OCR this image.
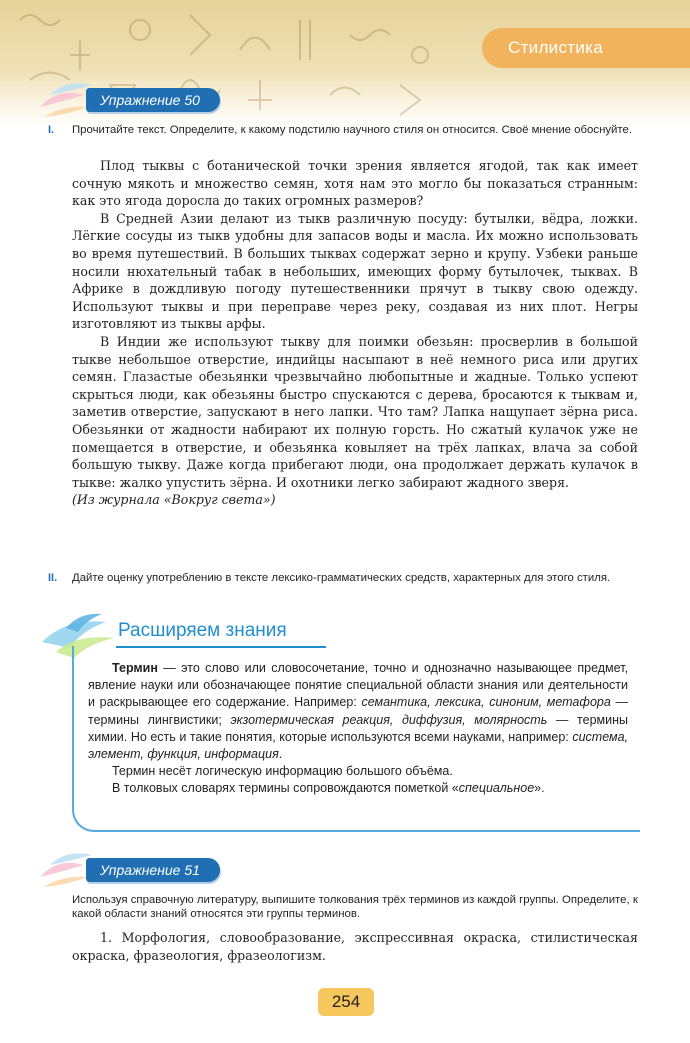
Стилистика
Упражнение 50
I. Прочитайте текст. Определите, к какому подстилю научного стиля он относится. Своё мнение обоснуйте.

Плод тыквы с ботанической точки зрения является ягодой, так как имеет сочную мякоть и множество семян, хотя нам это могло бы показаться странным: как это ягода доросла до таких огромных размеров?

В Средней Азии делают из тыкв различную посуду: бутылки, вёдра, ложки. Лёгкие сосуды из тыкв удобны для запасов воды и масла. Их можно использовать во время путешествий. В больших тыквах содержат зерно и крупу. Узбеки раньше носили нюхательный табак в небольших, имеющих форму бутылочек, тыквах. В Африке в дождливую погоду путешественники прячут в тыкву свою одежду. Используют тыквы и при переправе через реку, создавая из них плот. Негры изготовляют из тыквы арфы.

В Индии же используют тыкву для поимки обезьян: просверлив в большой тыкве небольшое отверстие, индийцы насыпают в неё немного риса или других семян. Глазастые обезьянки чрезвычайно любопытные и жадные. Только успеют скрыться люди, как обезьяны быстро спускаются с дерева, бросаются к тыквам и, заметив отверстие, запускают в него лапки. Что там? Лапка нащупает зёрна риса. Обезьянки от жадности набирают их полную горсть. Но сжатый кулачок уже не помещается в отверстие, и обезьянка ковыляет на трёх лапках, влача за собой большую тыкву. Даже когда прибегают люди, она продолжает держать кулачок в тыкве: жалко упустить зёрна. И охотники легко забирают жадного зверя.

(Из журнала «Вокруг света»)

II. Дайте оценку употреблению в тексте лексико-грамматических средств, характерных для этого стиля.
Расширяем знания

Термин — это слово или словосочетание, точно и однозначно называющее предмет, явление науки или обозначающее понятие специальной области знания или деятельности и раскрывающее его содержание. Например: семантика, лексика, синоним, метафора — термины лингвистики; экзотермическая реакция, диффузия, молярность — термины химии. Но есть и такие понятия, которые используются всеми науками, например: система, элемент, функция, информация.

Термин несёт логическую информацию большого объёма.

В толковых словарях термины сопровождаются пометкой «специальное».

Упражнение 51
Используя справочную литературу, выпишите толкования трёх терминов из каждой группы. Определите, к какой области знаний относятся эти группы терминов.

1. Морфология, словообразование, экспрессивная окраска, стилистическая окраска, фразеология, фразеологизм.

254
